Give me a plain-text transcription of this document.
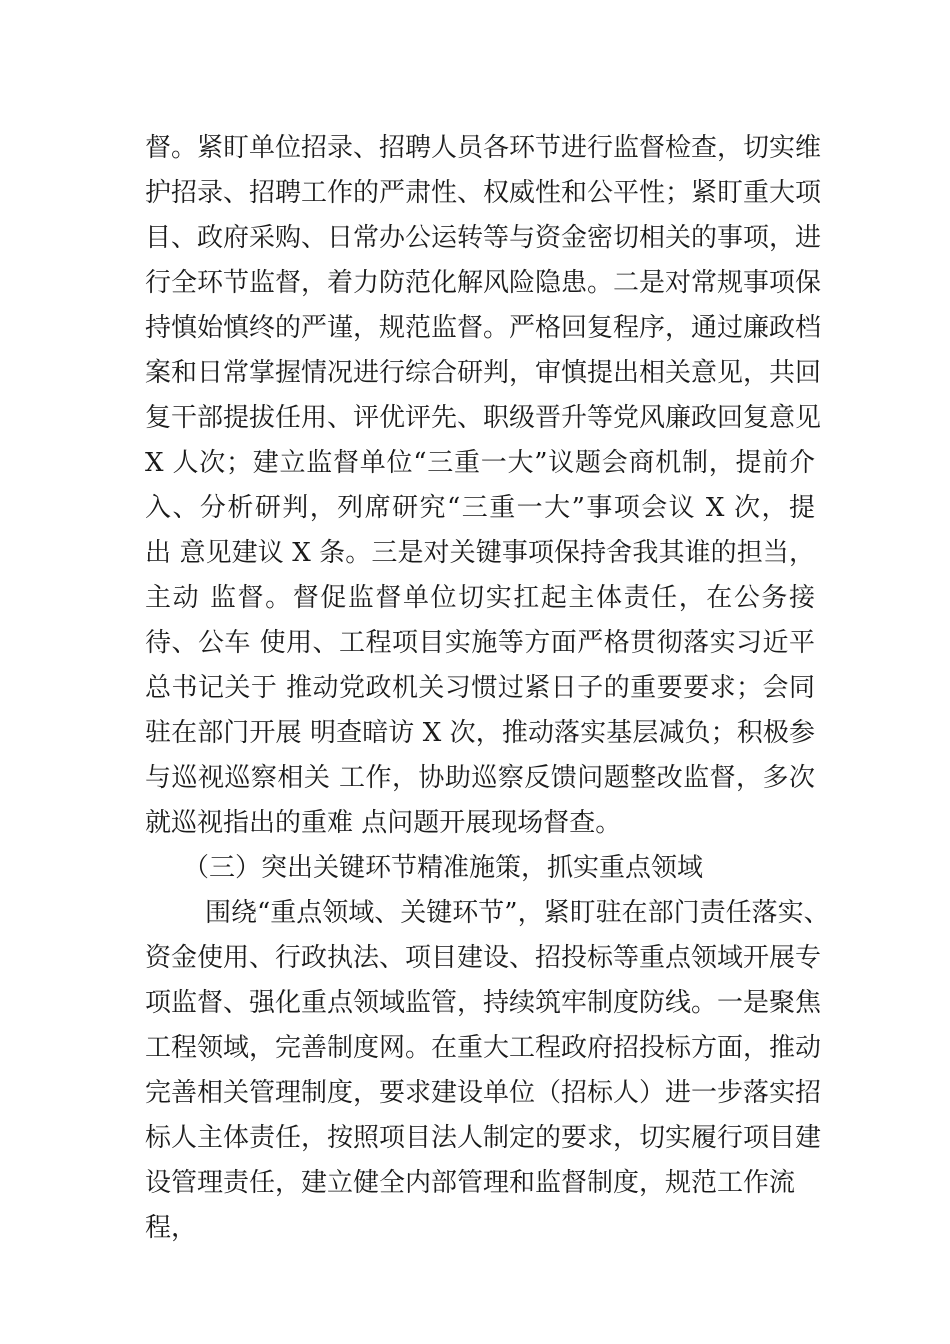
督。紧盯单位招录、招聘人员各环节进行监督检查，切实维
护招录、招聘工作的严肃性、权威性和公平性；紧盯重大项
目、政府采购、日常办公运转等与资金密切相关的事项，进
行全环节监督，着力防范化解风险隐患。二是对常规事项保
持慎始慎终的严谨，规范监督。严格回复程序，通过廉政档
案和日常掌握情况进行综合研判，审慎提出相关意见，共回
复干部提拔任用、评优评先、职级晋升等党风廉政回复意见
X 人次；建立监督单位“三重一大”议题会商机制，提前介
入、分析研判，列席研究“三重一大”事项会议 X 次，提
出 意见建议 X 条。三是对关键事项保持舍我其谁的担当，
主动 监督。督促监督单位切实扛起主体责任，在公务接
待、公车 使用、工程项目实施等方面严格贯彻落实习近平
总书记关于 推动党政机关习惯过紧日子的重要要求；会同
驻在部门开展 明查暗访 X 次，推动落实基层减负；积极参
与巡视巡察相关 工作，协助巡察反馈问题整改监督，多次
就巡视指出的重难 点问题开展现场督查。
（三）突出关键环节精准施策，抓实重点领域
围绕“重点领域、关键环节”，紧盯驻在部门责任落实、
资金使用、行政执法、项目建设、招投标等重点领域开展专
项监督、强化重点领域监管，持续筑牢制度防线。一是聚焦
工程领域，完善制度网。在重大工程政府招投标方面，推动
完善相关管理制度，要求建设单位（招标人）进一步落实招
标人主体责任，按照项目法人制定的要求，切实履行项目建
设管理责任，建立健全内部管理和监督制度，规范工作流
程，
